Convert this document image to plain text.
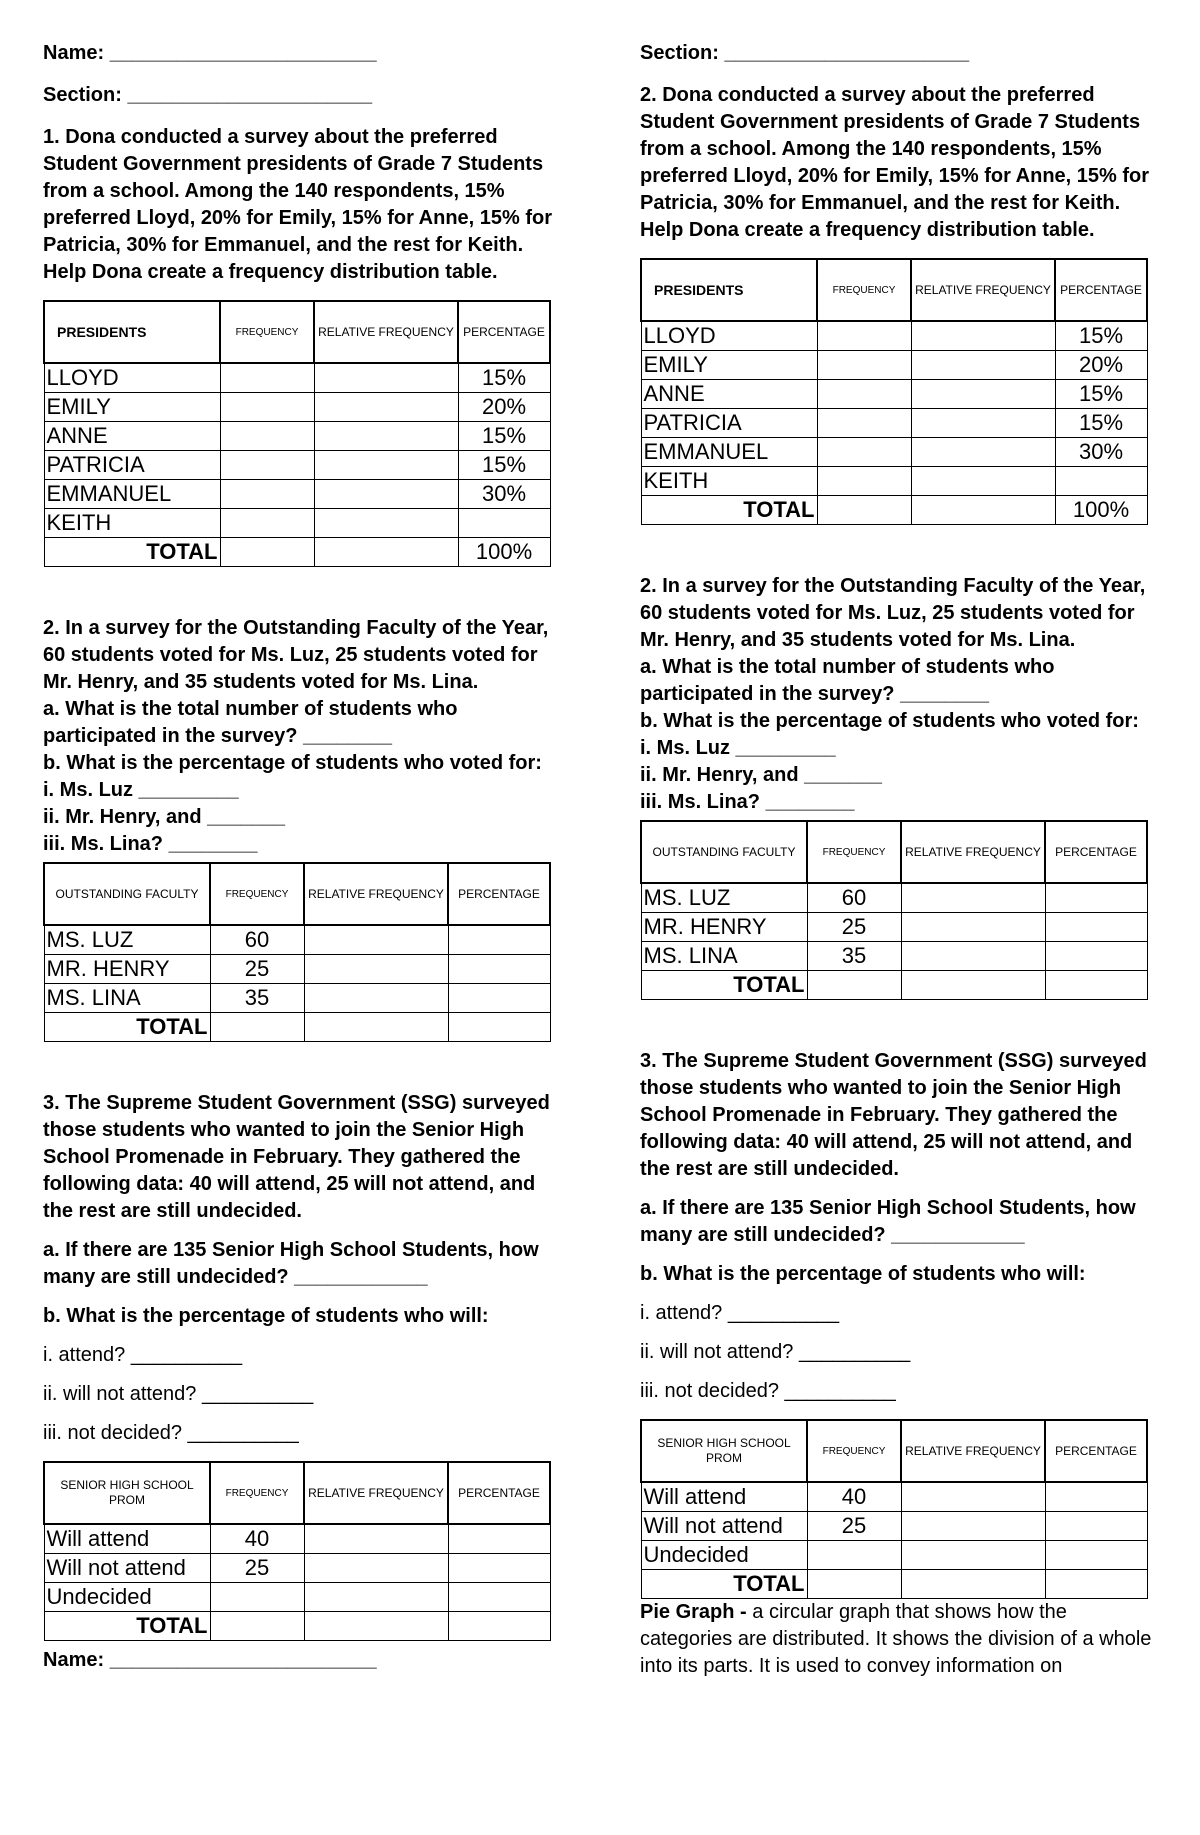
Name: ________________________

Section: ______________________

1. Dona conducted a survey about the preferred Student Government presidents of Grade 7 Students from a school. Among the 140 respondents, 15% preferred Lloyd, 20% for Emily, 15% for Anne, 15% for Patricia, 30% for Emmanuel, and the rest for Keith. Help Dona create a frequency distribution table.

PRESIDENTS	FREQUENCY	RELATIVE FREQUENCY	PERCENTAGE
LLOYD			15%
EMILY			20%
ANNE			15%
PATRICIA			15%
EMMANUEL			30%
KEITH			
TOTAL			100%

2. In a survey for the Outstanding Faculty of the Year, 60 students voted for Ms. Luz, 25 students voted for Mr. Henry, and 35 students voted for Ms. Lina.

a. What is the total number of students who participated in the survey? ________

b. What is the percentage of students who voted for:

i. Ms. Luz _________

ii. Mr. Henry, and _______

iii. Ms. Lina? ________

OUTSTANDING FACULTY	FREQUENCY	RELATIVE FREQUENCY	PERCENTAGE
MS. LUZ	60		
MR. HENRY	25		
MS. LINA	35		
TOTAL			

3. The Supreme Student Government (SSG) surveyed those students who wanted to join the Senior High School Promenade in February. They gathered the following data: 40 will attend, 25 will not attend, and the rest are still undecided.

a. If there are 135 Senior High School Students, how many are still undecided? ____________

b. What is the percentage of students who will:

i. attend? __________

ii. will not attend? __________

iii. not decided? __________

SENIOR HIGH SCHOOL PROM	FREQUENCY	RELATIVE FREQUENCY	PERCENTAGE
Will attend	40		
Will not attend	25		
Undecided			
TOTAL			

Name: ________________________

Section: ______________________

2. Dona conducted a survey about the preferred Student Government presidents of Grade 7 Students from a school. Among the 140 respondents, 15% preferred Lloyd, 20% for Emily, 15% for Anne, 15% for Patricia, 30% for Emmanuel, and the rest for Keith. Help Dona create a frequency distribution table.

PRESIDENTS	FREQUENCY	RELATIVE FREQUENCY	PERCENTAGE
LLOYD			15%
EMILY			20%
ANNE			15%
PATRICIA			15%
EMMANUEL			30%
KEITH			
TOTAL			100%

2. In a survey for the Outstanding Faculty of the Year, 60 students voted for Ms. Luz, 25 students voted for Mr. Henry, and 35 students voted for Ms. Lina.

a. What is the total number of students who participated in the survey? ________

b. What is the percentage of students who voted for:

i. Ms. Luz _________

ii. Mr. Henry, and _______

iii. Ms. Lina? ________

OUTSTANDING FACULTY	FREQUENCY	RELATIVE FREQUENCY	PERCENTAGE
MS. LUZ	60		
MR. HENRY	25		
MS. LINA	35		
TOTAL			

3. The Supreme Student Government (SSG) surveyed those students who wanted to join the Senior High School Promenade in February. They gathered the following data: 40 will attend, 25 will not attend, and the rest are still undecided.

a. If there are 135 Senior High School Students, how many are still undecided? ____________

b. What is the percentage of students who will:

i. attend? __________

ii. will not attend? __________

iii. not decided? __________

SENIOR HIGH SCHOOL PROM	FREQUENCY	RELATIVE FREQUENCY	PERCENTAGE
Will attend	40		
Will not attend	25		
Undecided			
TOTAL			

Pie Graph - a circular graph that shows how the categories are distributed. It shows the division of a whole into its parts. It is used to convey information on
